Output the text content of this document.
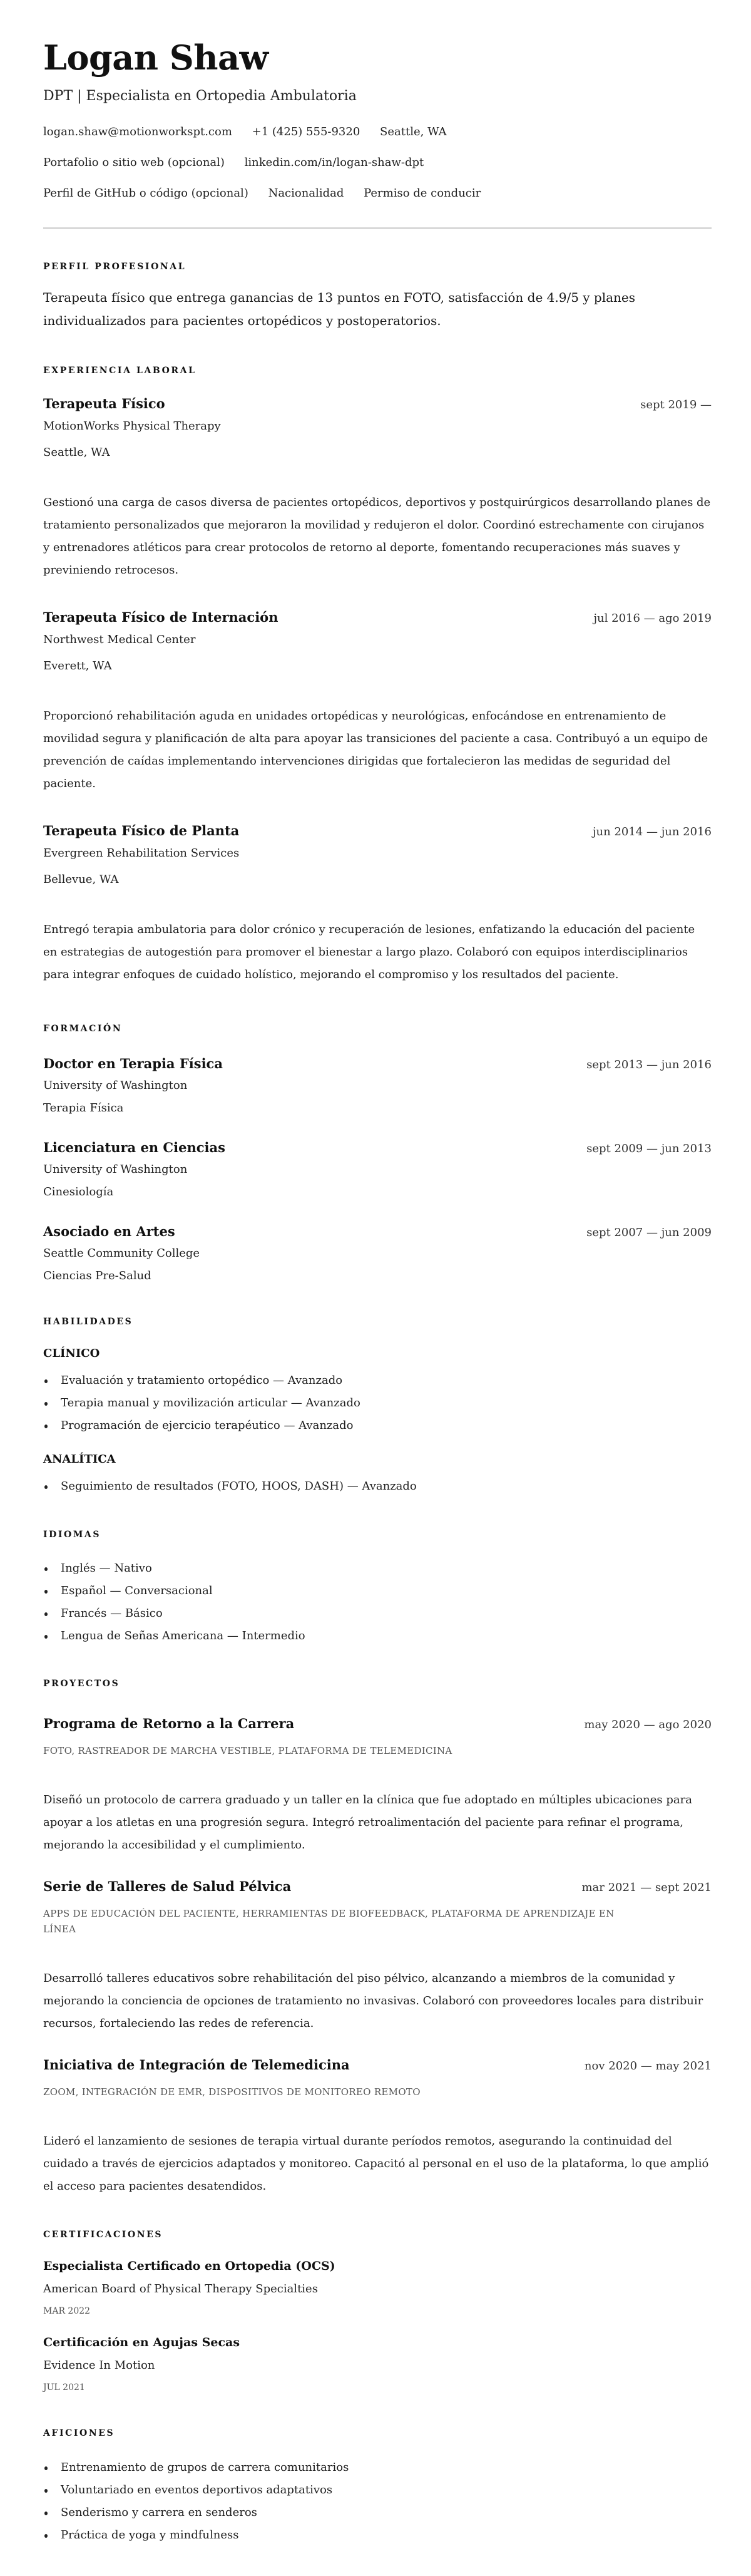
Logan Shaw
DPT | Especialista en Ortopedia Ambulatoria
logan.shaw@motionworkspt.com +1 (425) 555-9320 Seattle, WA
Portafolio o sitio web (opcional) linkedin.com/in/logan-shaw-dpt
Perfil de GitHub o código (opcional) Nacionalidad Permiso de conducir
PERFIL PROFESIONAL

Terapeuta físico que entrega ganancias de 13 puntos en FOTO, satisfacción de 4.9/5 y planes individualizados para pacientes ortopédicos y postoperatorios.

EXPERIENCIA LABORAL
Terapeuta Físico	sept 2019 —
MotionWorks Physical Therapy
Seattle, WA
Gestionó una carga de casos diversa de pacientes ortopédicos, deportivos y postquirúrgicos desarrollando planes de tratamiento personalizados que mejoraron la movilidad y redujeron el dolor. Coordinó estrechamente con cirujanos y entrenadores atléticos para crear protocolos de retorno al deporte, fomentando recuperaciones más suaves y previniendo retrocesos.
Terapeuta Físico de Internación	jul 2016 — ago 2019
Northwest Medical Center
Everett, WA
Proporcionó rehabilitación aguda en unidades ortopédicas y neurológicas, enfocándose en entrenamiento de movilidad segura y planificación de alta para apoyar las transiciones del paciente a casa. Contribuyó a un equipo de prevención de caídas implementando intervenciones dirigidas que fortalecieron las medidas de seguridad del paciente.
Terapeuta Físico de Planta	jun 2014 — jun 2016
Evergreen Rehabilitation Services
Bellevue, WA
Entregó terapia ambulatoria para dolor crónico y recuperación de lesiones, enfatizando la educación del paciente en estrategias de autogestión para promover el bienestar a largo plazo. Colaboró con equipos interdisciplinarios para integrar enfoques de cuidado holístico, mejorando el compromiso y los resultados del paciente.
FORMACIÓN
Doctor en Terapia Física	sept 2013 — jun 2016
University of Washington
Terapia Física
Licenciatura en Ciencias	sept 2009 — jun 2013
University of Washington
Cinesiología
Asociado en Artes	sept 2007 — jun 2009
Seattle Community College
Ciencias Pre-Salud
HABILIDADES
CLÍNICO
Evaluación y tratamiento ortopédico — Avanzado
Terapia manual y movilización articular — Avanzado
Programación de ejercicio terapéutico — Avanzado
ANALÍTICA
Seguimiento de resultados (FOTO, HOOS, DASH) — Avanzado
IDIOMAS
Inglés — Nativo
Español — Conversacional
Francés — Básico
Lengua de Señas Americana — Intermedio
PROYECTOS
Programa de Retorno a la Carrera	may 2020 — ago 2020
FOTO, RASTREADOR DE MARCHA VESTIBLE, PLATAFORMA DE TELEMEDICINA
Diseñó un protocolo de carrera graduado y un taller en la clínica que fue adoptado en múltiples ubicaciones para apoyar a los atletas en una progresión segura. Integró retroalimentación del paciente para refinar el programa, mejorando la accesibilidad y el cumplimiento.
Serie de Talleres de Salud Pélvica	mar 2021 — sept 2021
APPS DE EDUCACIÓN DEL PACIENTE, HERRAMIENTAS DE BIOFEEDBACK, PLATAFORMA DE APRENDIZAJE EN LÍNEA
Desarrolló talleres educativos sobre rehabilitación del piso pélvico, alcanzando a miembros de la comunidad y mejorando la conciencia de opciones de tratamiento no invasivas. Colaboró con proveedores locales para distribuir recursos, fortaleciendo las redes de referencia.
Iniciativa de Integración de Telemedicina	nov 2020 — may 2021
ZOOM, INTEGRACIÓN DE EMR, DISPOSITIVOS DE MONITOREO REMOTO
Lideró el lanzamiento de sesiones de terapia virtual durante períodos remotos, asegurando la continuidad del cuidado a través de ejercicios adaptados y monitoreo. Capacitó al personal en el uso de la plataforma, lo que amplió el acceso para pacientes desatendidos.
CERTIFICACIONES
Especialista Certificado en Ortopedia (OCS)
American Board of Physical Therapy Specialties
MAR 2022
Certificación en Agujas Secas
Evidence In Motion
JUL 2021
AFICIONES
Entrenamiento de grupos de carrera comunitarios
Voluntariado en eventos deportivos adaptativos
Senderismo y carrera en senderos
Práctica de yoga y mindfulness
